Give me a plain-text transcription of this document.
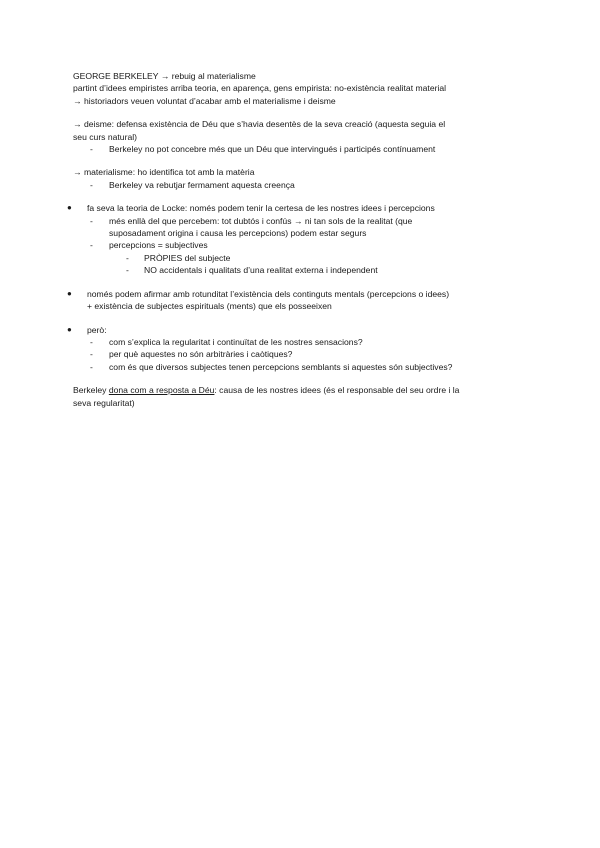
GEORGE BERKELEY → rebuig al materialisme
partint d’idees empiristes arriba teoria, en aparença, gens empirista: no-existència realitat material
→ historiadors veuen voluntat d’acabar amb el materialisme i deisme
→ deisme: defensa existència de Déu que s’havia desentès de la seva creació (aquesta seguia el
seu curs natural)
- Berkeley no pot concebre més que un Déu que intervingués i participés contínuament
→ materialisme: ho identifica tot amb la matèria
- Berkeley va rebutjar fermament aquesta creença
● fa seva la teoria de Locke: només podem tenir la certesa de les nostres idees i percepcions
- més enllà del que percebem: tot dubtós i confús → ni tan sols de la realitat (que
suposadament origina i causa les percepcions) podem estar segurs
- percepcions = subjectives
- PRÒPIES del subjecte
- NO accidentals i qualitats d’una realitat externa i independent
● només podem afirmar amb rotunditat l’existència dels continguts mentals (percepcions o idees)
+ existència de subjectes espirituals (ments) que els posseeixen
● però:
- com s’explica la regularitat i continuïtat de les nostres sensacions?
- per què aquestes no són arbitràries i caòtiques?
- com és que diversos subjectes tenen percepcions semblants si aquestes són subjectives?
Berkeley dona com a resposta a Déu: causa de les nostres idees (és el responsable del seu ordre i la
seva regularitat)
